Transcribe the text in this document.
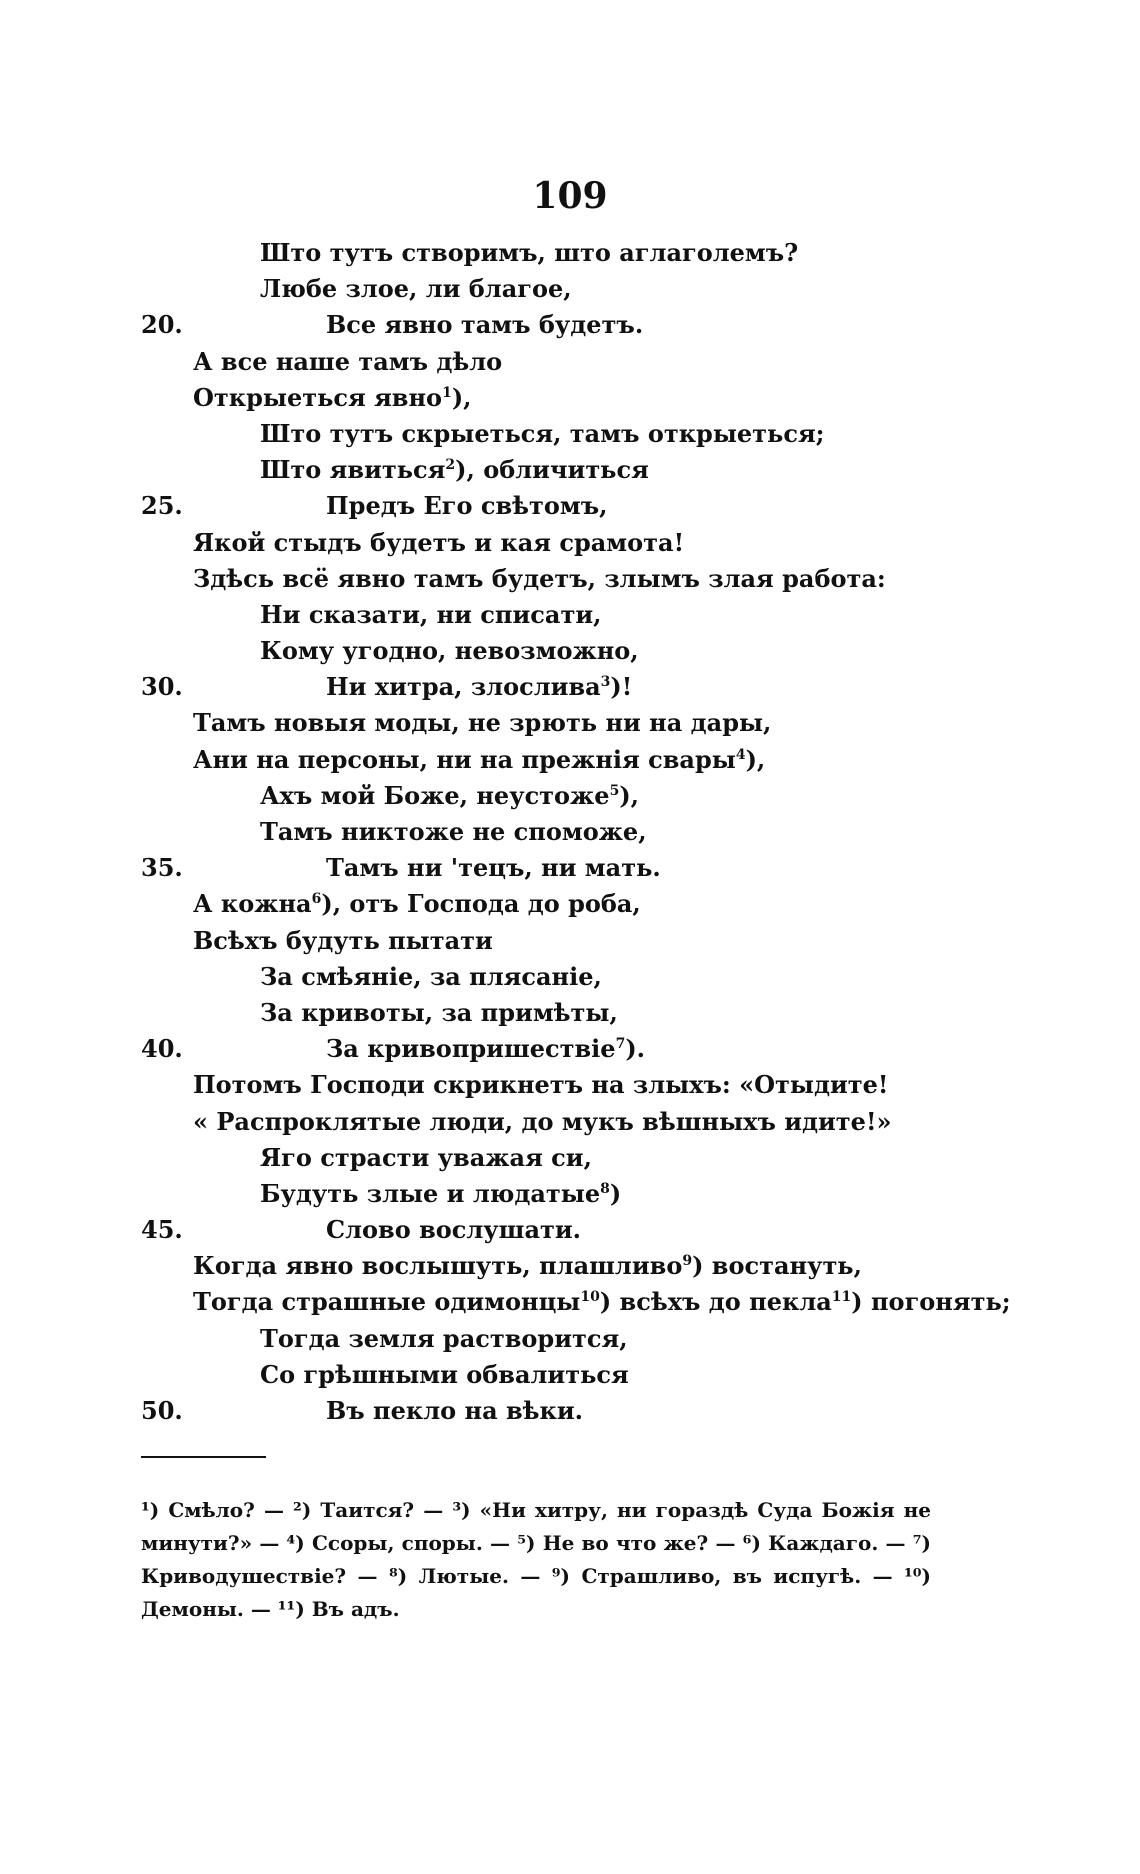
109
Што тутъ створимъ, што аглаголемъ?
Любе злое, ли благое,
20.	Все явно тамъ будетъ.
А все наше тамъ дѣло
Открыеться явно$^1$),
Што тутъ скрыеться, тамъ открыеться;
Што явиться$^2$), обличиться
25.	Предъ Его свѣтомъ,
Якой стыдъ будетъ и кая срамота!
Здѣсь всё явно тамъ будетъ, злымъ злая работа:
Ни сказати, ни списати,
Кому угодно, невозможно,
30.	Ни хитра, злослива$^3$)!
Тамъ новыя моды, не зрють ни на дары,
Ани на персоны, ни на прежнія свары$^4$),
Ахъ мой Боже, неустоже$^5$),
Тамъ никтоже не споможе,
35.	Тамъ ни 'тецъ, ни мать.
А кожна$^6$), отъ Господа до роба,
Всѣхъ будуть пытати
За смѣяніе, за плясаніе,
За кривоты, за примѣты,
40.	За кривопришествіе$^7$).
Потомъ Господи скрикнетъ на злыхъ: «Отыдите!
« Распроклятые люди, до мукъ вѣшныхъ идите!»
Яго страсти уважая си,
Будуть злые и людатые$^8$)
45.	Слово вослушати.
Когда явно вослышуть, плашливо$^9$) востануть,
Тогда страшные одимонцы$^{10}$) всѣхъ до пекла$^{11}$) погонять;
Тогда земля растворится,
Со грѣшными обвалиться
50.	Въ пекло на вѣки.
¹) Смѣло? — ²) Таится? — ³) «Ни хитру, ни гораздѣ Суда Божія не минути?» — ⁴) Ссоры, споры. — ⁵) Не во что же? — ⁶) Каждаго. — ⁷) Криводушествіе? — ⁸) Лютые. — ⁹) Страшливо, въ испугѣ. — ¹⁰) Демоны. — ¹¹) Въ адъ.
